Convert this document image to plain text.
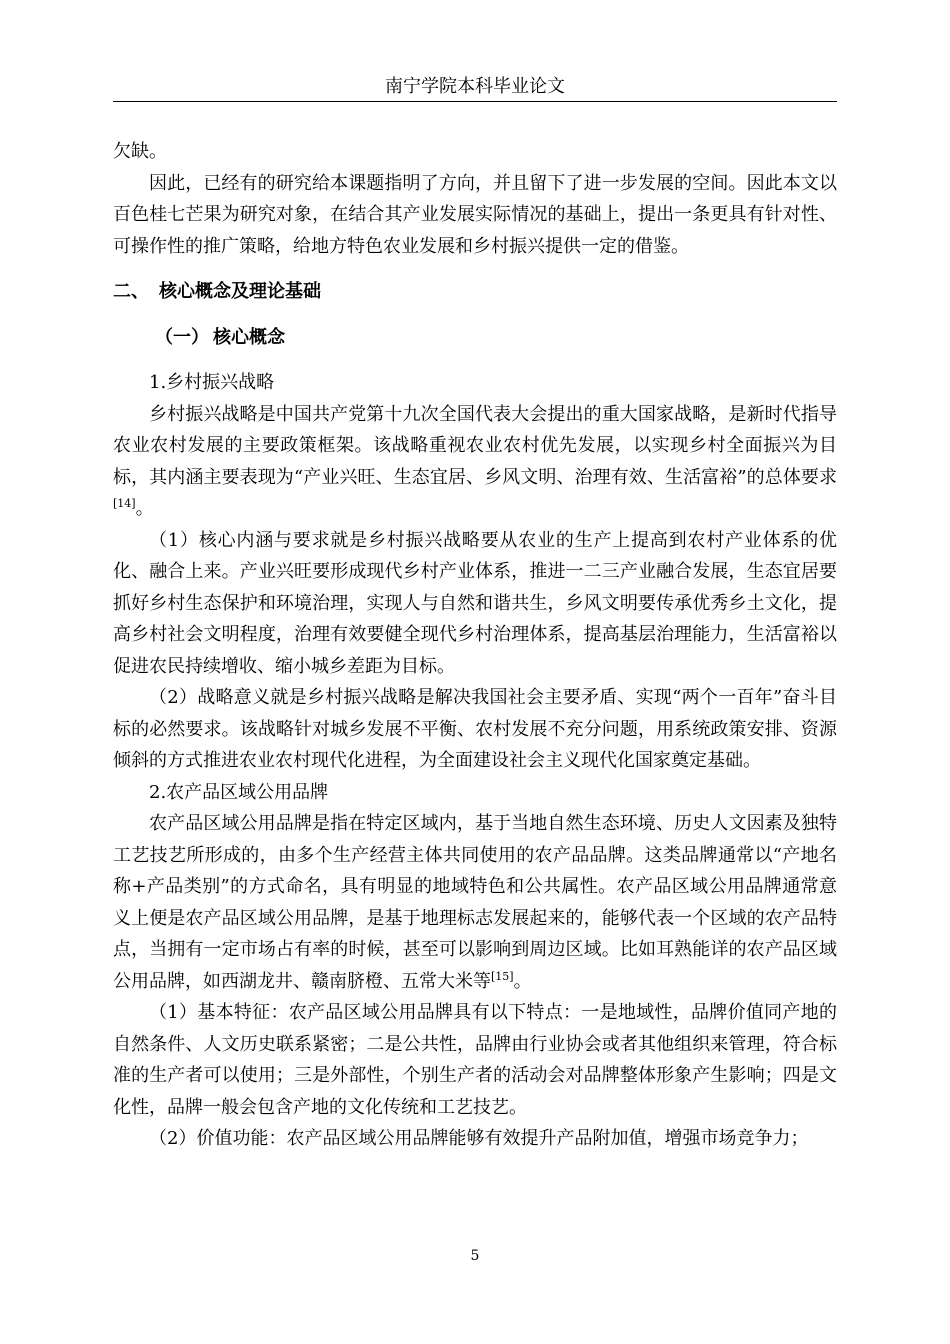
南宁学院本科毕业论文

欠缺。

因此，已经有的研究给本课题指明了方向，并且留下了进一步发展的空间。因此本文以百色桂七芒果为研究对象，在结合其产业发展实际情况的基础上，提出一条更具有针对性、可操作性的推广策略，给地方特色农业发展和乡村振兴提供一定的借鉴。

二、 核心概念及理论基础

（一） 核心概念

1.乡村振兴战略

乡村振兴战略是中国共产党第十九次全国代表大会提出的重大国家战略，是新时代指导农业农村发展的主要政策框架。该战略重视农业农村优先发展，以实现乡村全面振兴为目标，其内涵主要表现为“产业兴旺、生态宜居、乡风文明、治理有效、生活富裕”的总体要求[14]。

（1）核心内涵与要求就是乡村振兴战略要从农业的生产上提高到农村产业体系的优化、融合上来。产业兴旺要形成现代乡村产业体系，推进一二三产业融合发展，生态宜居要抓好乡村生态保护和环境治理，实现人与自然和谐共生，乡风文明要传承优秀乡土文化，提高乡村社会文明程度，治理有效要健全现代乡村治理体系，提高基层治理能力，生活富裕以促进农民持续增收、缩小城乡差距为目标。

（2）战略意义就是乡村振兴战略是解决我国社会主要矛盾、实现“两个一百年”奋斗目标的必然要求。该战略针对城乡发展不平衡、农村发展不充分问题，用系统政策安排、资源倾斜的方式推进农业农村现代化进程，为全面建设社会主义现代化国家奠定基础。

2.农产品区域公用品牌

农产品区域公用品牌是指在特定区域内，基于当地自然生态环境、历史人文因素及独特工艺技艺所形成的，由多个生产经营主体共同使用的农产品品牌。这类品牌通常以“产地名称+产品类别”的方式命名，具有明显的地域特色和公共属性。农产品区域公用品牌通常意义上便是农产品区域公用品牌，是基于地理标志发展起来的，能够代表一个区域的农产品特点，当拥有一定市场占有率的时候，甚至可以影响到周边区域。比如耳熟能详的农产品区域公用品牌，如西湖龙井、赣南脐橙、五常大米等[15]。

（1）基本特征：农产品区域公用品牌具有以下特点：一是地域性，品牌价值同产地的自然条件、人文历史联系紧密；二是公共性，品牌由行业协会或者其他组织来管理，符合标准的生产者可以使用；三是外部性，个别生产者的活动会对品牌整体形象产生影响；四是文化性，品牌一般会包含产地的文化传统和工艺技艺。

（2）价值功能：农产品区域公用品牌能够有效提升产品附加值，增强市场竞争力；

5
